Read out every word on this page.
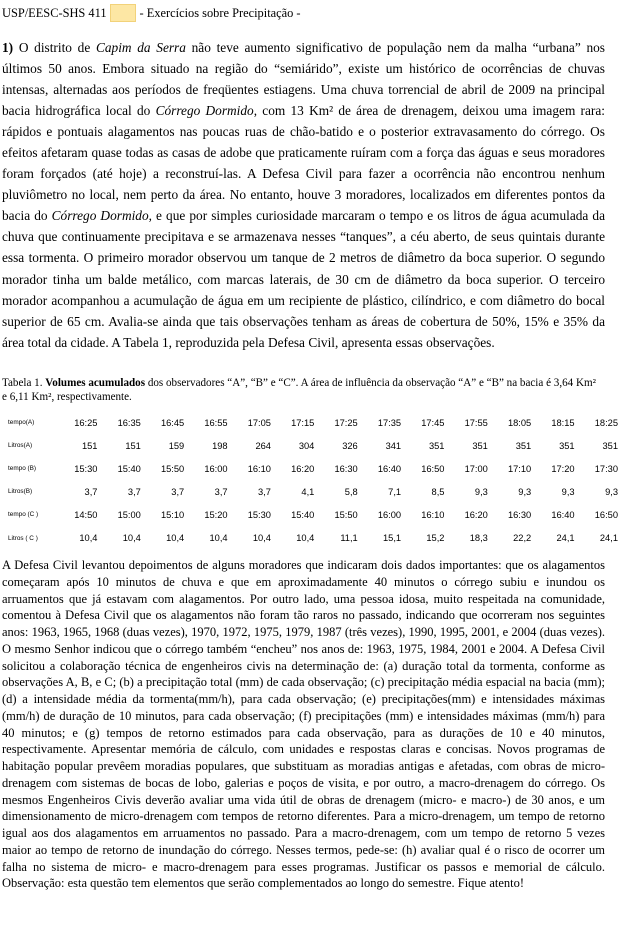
USP/EESC-SHS 411	- Exercícios sobre Precipitação -
1) O distrito de Capim da Serra não teve aumento significativo de população nem da malha “urbana” nos últimos 50 anos. Embora situado na região do “semiárido”, existe um histórico de ocorrências de chuvas intensas, alternadas aos períodos de freqüentes estiagens. Uma chuva torrencial de abril de 2009 na principal bacia hidrográfica local do Córrego Dormido, com 13 Km² de área de drenagem, deixou uma imagem rara: rápidos e pontuais alagamentos nas poucas ruas de chão-batido e o posterior extravasamento do córrego. Os efeitos afetaram quase todas as casas de adobe que praticamente ruíram com a força das águas e seus moradores foram forçados (até hoje) a reconstruí-las. A Defesa Civil para fazer a ocorrência não encontrou nenhum pluviômetro no local, nem perto da área. No entanto, houve 3 moradores, localizados em diferentes pontos da bacia do Córrego Dormido, e que por simples curiosidade marcaram o tempo e os litros de água acumulada da chuva que continuamente precipitava e se armazenava nesses “tanques”, a céu aberto, de seus quintais durante essa tormenta. O primeiro morador observou um tanque de 2 metros de diâmetro da boca superior. O segundo morador tinha um balde metálico, com marcas laterais, de 30 cm de diâmetro da boca superior. O terceiro morador acompanhou a acumulação de água em um recipiente de plástico, cilíndrico, e com diâmetro do bocal superior de 65 cm. Avalia-se ainda que tais observações tenham as áreas de cobertura de 50%, 15% e 35% da área total da cidade. A Tabela 1, reproduzida pela Defesa Civil, apresenta essas observações.
Tabela 1. Volumes acumulados dos observadores “A”, “B” e “C”. A área de influência da observação “A” e “B” na bacia é 3,64 Km² e 6,11 Km², respectivamente.
tempo(A)	16:25	16:35	16:45	16:55	17:05	17:15	17:25	17:35	17:45	17:55	18:05	18:15	18:25
Litros(A)	151	151	159	198	264	304	326	341	351	351	351	351	351
tempo (B)	15:30	15:40	15:50	16:00	16:10	16:20	16:30	16:40	16:50	17:00	17:10	17:20	17:30
Litros(B)	3,7	3,7	3,7	3,7	3,7	4,1	5,8	7,1	8,5	9,3	9,3	9,3	9,3
tempo (C )	14:50	15:00	15:10	15:20	15:30	15:40	15:50	16:00	16:10	16:20	16:30	16:40	16:50
Litros ( C )	10,4	10,4	10,4	10,4	10,4	10,4	11,1	15,1	15,2	18,3	22,2	24,1	24,1
A Defesa Civil levantou depoimentos de alguns moradores que indicaram dois dados importantes: que os alagamentos começaram após 10 minutos de chuva e que em aproximadamente 40 minutos o córrego subiu e inundou os arruamentos que já estavam com alagamentos. Por outro lado, uma pessoa idosa, muito respeitada na comunidade, comentou à Defesa Civil que os alagamentos não foram tão raros no passado, indicando que ocorreram nos seguintes anos: 1963, 1965, 1968 (duas vezes), 1970, 1972, 1975, 1979, 1987 (três vezes), 1990, 1995, 2001, e 2004 (duas vezes). O mesmo Senhor indicou que o córrego também “encheu” nos anos de: 1963, 1975, 1984, 2001 e 2004. A Defesa Civil solicitou a colaboração técnica de engenheiros civis na determinação de: (a) duração total da tormenta, conforme as observações A, B, e C; (b) a precipitação total (mm) de cada observação; (c) precipitação média espacial na bacia (mm); (d) a intensidade média da tormenta(mm/h), para cada observação; (e) precipitações(mm) e intensidades máximas (mm/h) de duração de 10 minutos, para cada observação; (f) precipitações (mm) e intensidades máximas (mm/h) para 40 minutos; e (g) tempos de retorno estimados para cada observação, para as durações de 10 e 40 minutos, respectivamente. Apresentar memória de cálculo, com unidades e respostas claras e concisas. Novos programas de habitação popular prevêem moradias populares, que substituam as moradias antigas e afetadas, com obras de micro-drenagem com sistemas de bocas de lobo, galerias e poços de visita, e por outro, a macro-drenagem do córrego. Os mesmos Engenheiros Civis deverão avaliar uma vida útil de obras de drenagem (micro- e macro-) de 30 anos, e um dimensionamento de micro-drenagem com tempos de retorno diferentes. Para a micro-drenagem, um tempo de retorno igual aos dos alagamentos em arruamentos no passado. Para a macro-drenagem, com um tempo de retorno 5 vezes maior ao tempo de retorno de inundação do córrego. Nesses termos, pede-se: (h) avaliar qual é o risco de ocorrer um falha no sistema de micro- e macro-drenagem para esses programas. Justificar os passos e memorial de cálculo. Observação: esta questão tem elementos que serão complementados ao longo do semestre. Fique atento!
